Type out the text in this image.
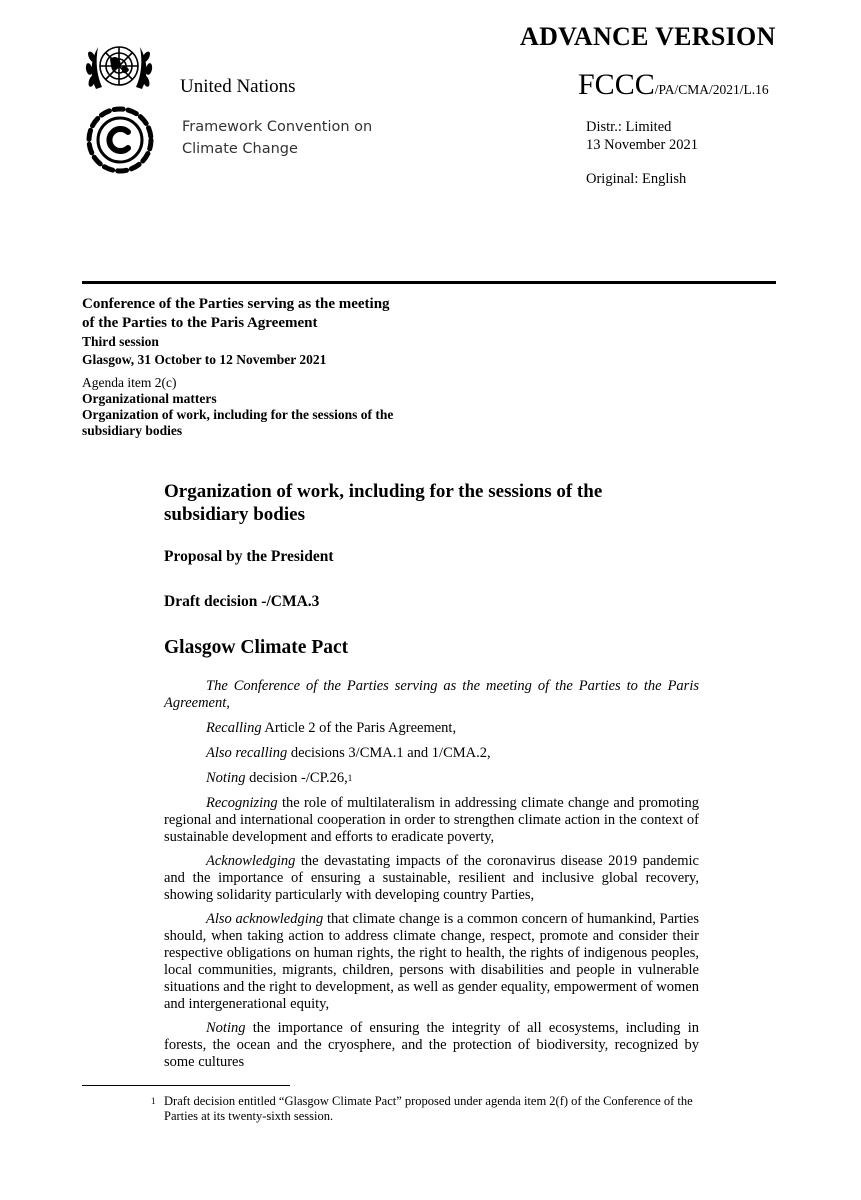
ADVANCE VERSION
FCCC/PA/CMA/2021/L.16
United Nations
Framework Convention on
Climate Change
Distr.: Limited
13 November 2021
Original: English
Conference of the Parties serving as the meeting
of the Parties to the Paris Agreement
Third session
Glasgow, 31 October to 12 November 2021
Agenda item 2(c)
Organizational matters
Organization of work, including for the sessions of the
subsidiary bodies
Organization of work, including for the sessions of the subsidiary bodies
Proposal by the President
Draft decision -/CMA.3
Glasgow Climate Pact

The Conference of the Parties serving as the meeting of the Parties to the Paris Agreement,

Recalling Article 2 of the Paris Agreement,

Also recalling decisions 3/CMA.1 and 1/CMA.2,

Noting decision -/CP.26,$^1$

Recognizing the role of multilateralism in addressing climate change and promoting regional and international cooperation in order to strengthen climate action in the context of sustainable development and efforts to eradicate poverty,

Acknowledging the devastating impacts of the coronavirus disease 2019 pandemic and the importance of ensuring a sustainable, resilient and inclusive global recovery, showing solidarity particularly with developing country Parties,

Also acknowledging that climate change is a common concern of humankind, Parties should, when taking action to address climate change, respect, promote and consider their respective obligations on human rights, the right to health, the rights of indigenous peoples, local communities, migrants, children, persons with disabilities and people in vulnerable situations and the right to development, as well as gender equality, empowerment of women and intergenerational equity,

Noting the importance of ensuring the integrity of all ecosystems, including in forests, the ocean and the cryosphere, and the protection of biodiversity, recognized by some cultures

1 Draft decision entitled “Glasgow Climate Pact” proposed under agenda item 2(f) of the Conference of the Parties at its twenty-sixth session.
